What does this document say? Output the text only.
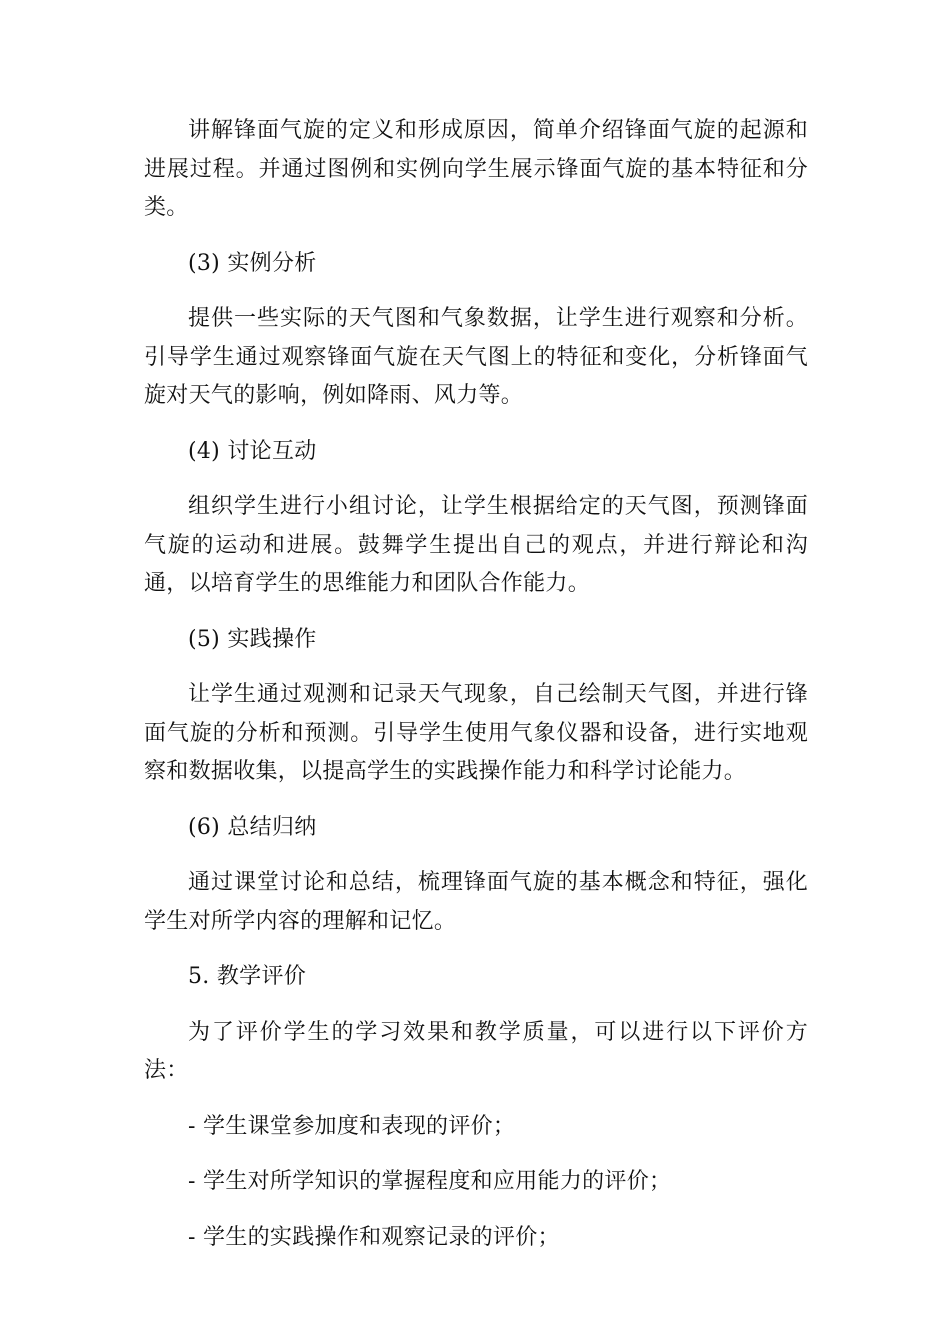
讲解锋面气旋的定义和形成原因，简单介绍锋面气旋的起源和进展过程。并通过图例和实例向学生展示锋面气旋的基本特征和分类。

(3) 实例分析

提供一些实际的天气图和气象数据，让学生进行观察和分析。引导学生通过观察锋面气旋在天气图上的特征和变化，分析锋面气旋对天气的影响，例如降雨、风力等。

(4) 讨论互动

组织学生进行小组讨论，让学生根据给定的天气图，预测锋面气旋的运动和进展。鼓舞学生提出自己的观点，并进行辩论和沟通，以培育学生的思维能力和团队合作能力。

(5) 实践操作

让学生通过观测和记录天气现象，自己绘制天气图，并进行锋面气旋的分析和预测。引导学生使用气象仪器和设备，进行实地观察和数据收集，以提高学生的实践操作能力和科学讨论能力。

(6) 总结归纳

通过课堂讨论和总结，梳理锋面气旋的基本概念和特征，强化学生对所学内容的理解和记忆。

5. 教学评价

为了评价学生的学习效果和教学质量，可以进行以下评价方法：

- 学生课堂参加度和表现的评价；

- 学生对所学知识的掌握程度和应用能力的评价；

- 学生的实践操作和观察记录的评价；
